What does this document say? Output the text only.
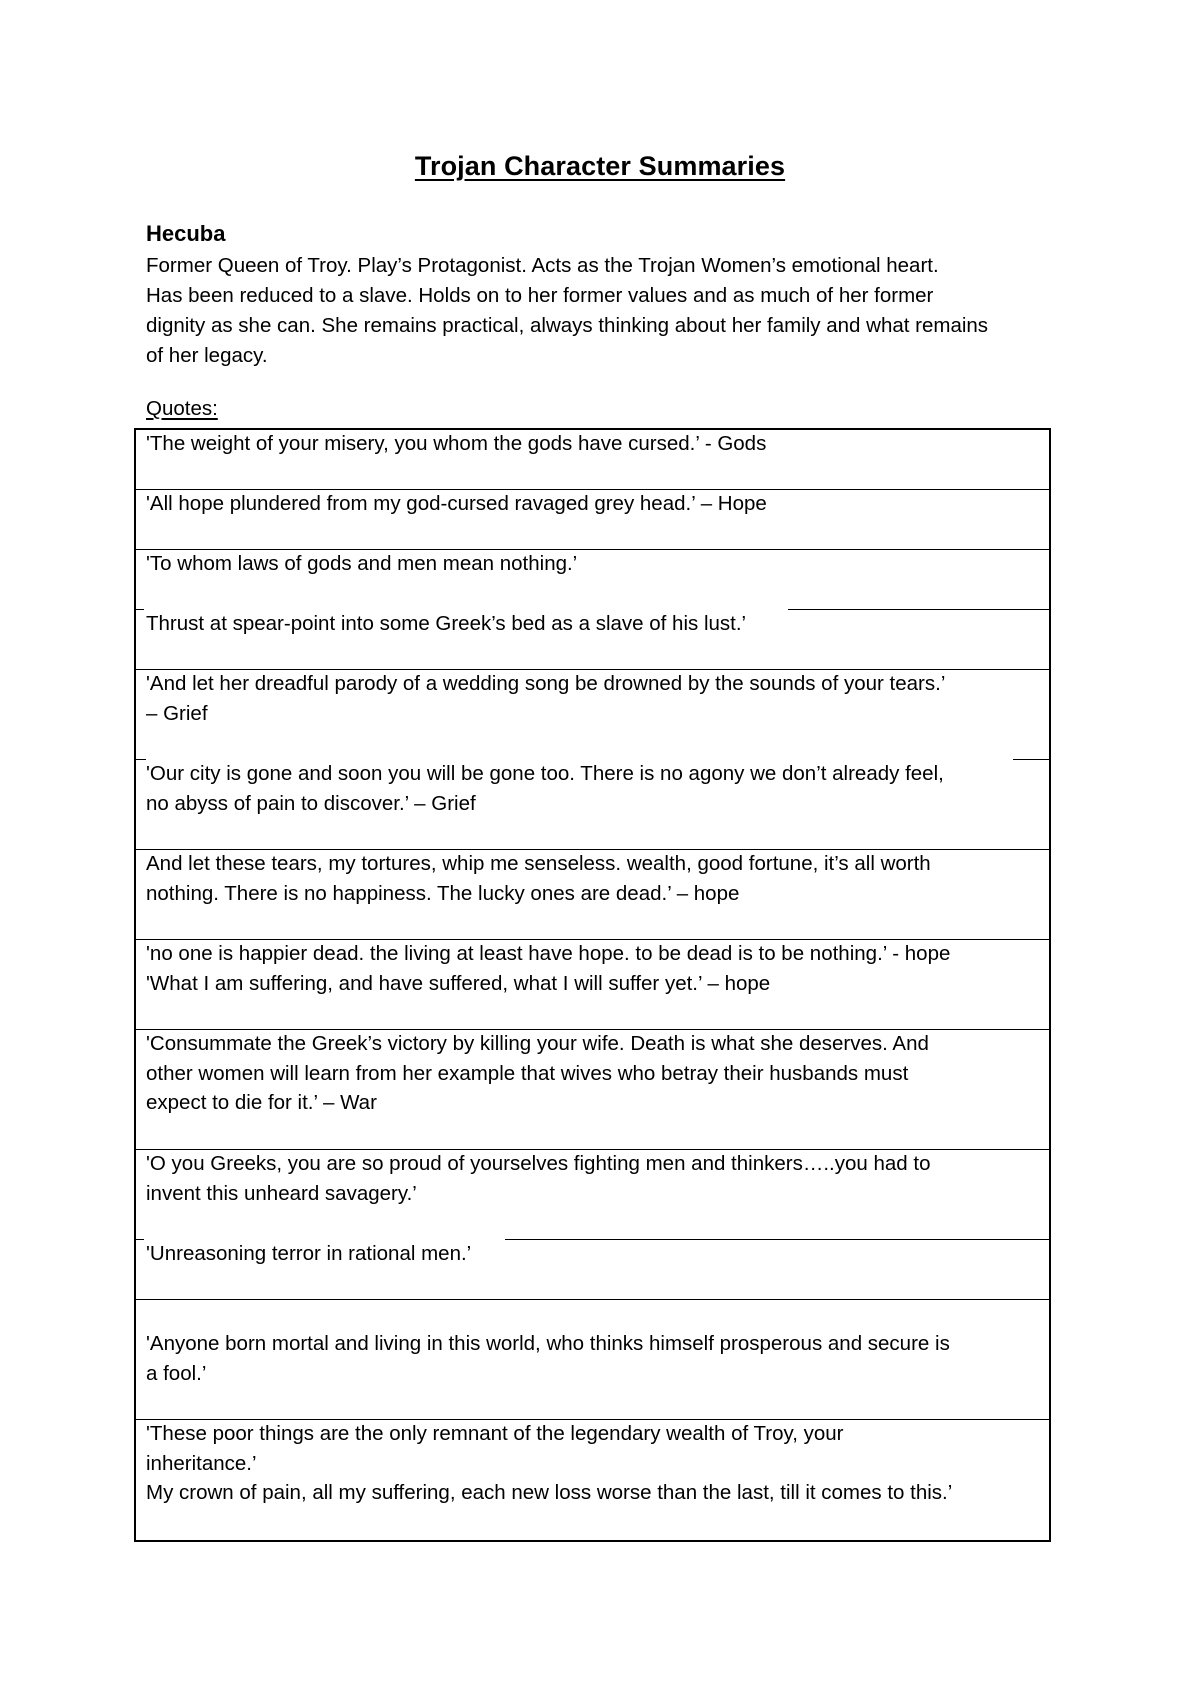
Trojan Character Summaries
Hecuba
Former Queen of Troy. Play’s Protagonist. Acts as the Trojan Women’s emotional heart.
Has been reduced to a slave. Holds on to her former values and as much of her former
dignity as she can. She remains practical, always thinking about her family and what remains
of her legacy.
Quotes:
'The weight of your misery, you whom the gods have cursed.’ - Gods
'All hope plundered from my god-cursed ravaged grey head.’ – Hope
'To whom laws of gods and men mean nothing.’
Thrust at spear-point into some Greek’s bed as a slave of his lust.’
'And let her dreadful parody of a wedding song be drowned by the sounds of your tears.’
– Grief
'Our city is gone and soon you will be gone too. There is no agony we don’t already feel,
no abyss of pain to discover.’ – Grief
And let these tears, my tortures, whip me senseless. wealth, good fortune, it’s all worth
nothing. There is no happiness. The lucky ones are dead.’ – hope
'no one is happier dead. the living at least have hope. to be dead is to be nothing.’ - hope
'What I am suffering, and have suffered, what I will suffer yet.’ – hope
'Consummate the Greek’s victory by killing your wife. Death is what she deserves. And
other women will learn from her example that wives who betray their husbands must
expect to die for it.’ – War
'O you Greeks, you are so proud of yourselves fighting men and thinkers…..you had to
invent this unheard savagery.’
'Unreasoning terror in rational men.’
'Anyone born mortal and living in this world, who thinks himself prosperous and secure is
a fool.’
'These poor things are the only remnant of the legendary wealth of Troy, your
inheritance.’
My crown of pain, all my suffering, each new loss worse than the last, till it comes to this.’
